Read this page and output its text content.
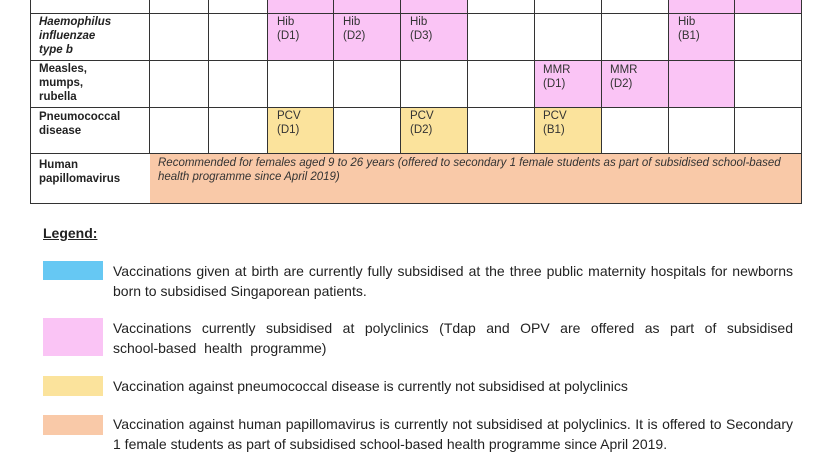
Haemophilus
influenzae
type b
Measles,
mumps,
rubella
Pneumococcal
disease
Human
papillomavirus
Hib
(D1)
Hib
(D2)
Hib
(D3)
Hib
(B1)
MMR
(D1)
MMR
(D2)
PCV
(D1)
PCV
(D2)
PCV
(B1)
Recommended for females aged 9 to 26 years (offered to secondary 1 female students as part of subsidised school-based health programme since April 2019)
Legend:
Vaccinations given at birth are currently fully subsidised at the three public maternity hospitals for newborns born to subsidised Singaporean patients.
Vaccinations currently subsidised at polyclinics (Tdap and OPV are offered as part of subsidised school-based health programme)
Vaccination against pneumococcal disease is currently not subsidised at polyclinics
Vaccination against human papillomavirus is currently not subsidised at polyclinics. It is offered to Secondary 1 female students as part of subsidised school-based health programme since April 2019.
